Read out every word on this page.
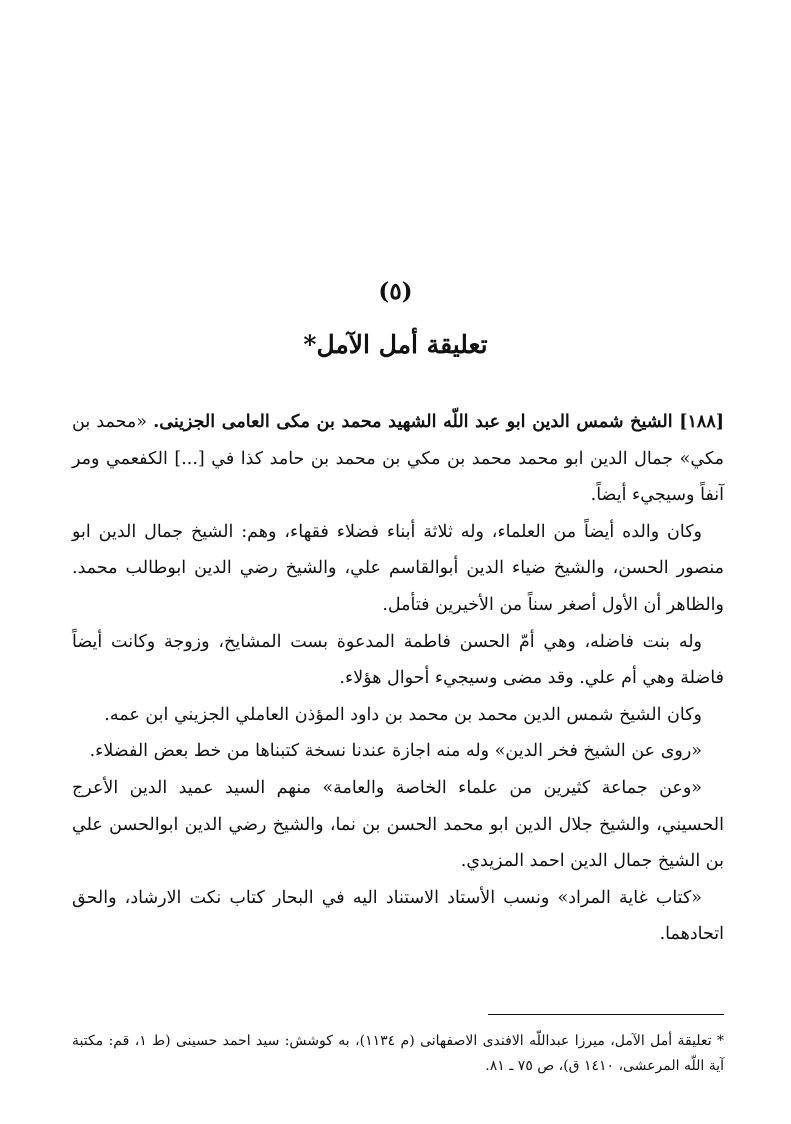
(٥)
تعليقة أمل الآمل*

[١٨٨] الشيخ شمس الدين ابو عبد اللّه الشهيد محمد بن مكى العامى الجزينى. «محمد بن مكي» جمال الدين ابو محمد محمد بن مكي بن محمد بن حامد كذا في [...] الكفعمي ومر آنفاً وسيجيء أيضاً.

وكان والده أيضاً من العلماء، وله ثلاثة أبناء فضلاء فقهاء، وهم: الشيخ جمال الدين ابو منصور الحسن، والشيخ ضياء الدين أبوالقاسم علي، والشيخ رضي الدين ابوطالب محمد. والظاهر أن الأول أصغر سناً من الأخيرين فتأمل.

وله بنت فاضله، وهي أمّ الحسن فاطمة المدعوة بست المشايخ، وزوجة وكانت أيضاً فاضلة وهي أم علي. وقد مضى وسيجيء أحوال هؤلاء.

وكان الشيخ شمس الدين محمد بن محمد بن داود المؤذن العاملي الجزيني ابن عمه.

«روى عن الشيخ فخر الدين» وله منه اجازة عندنا نسخة كتبناها من خط بعض الفضلاء.

«وعن جماعة كثيرين من علماء الخاصة والعامة» منهم السيد عميد الدين الأعرج الحسيني، والشيخ جلال الدين ابو محمد الحسن بن نما، والشيخ رضي الدين ابوالحسن علي بن الشيخ جمال الدين احمد المزيدي.

«كتاب غاية المراد» ونسب الأستاد الاستناد اليه في البحار كتاب نكت الارشاد، والحق اتحادهما.

* تعليقة أمل الآمل، ميرزا عبداللّه الافندى الاصفهانى (م ١١٣٤)، به كوشش: سيد احمد حسينى (ط ١، قم: مكتبة آية اللّه المرعشى، ١٤١٠ ق)، ص ٧٥ ـ ٨١.
